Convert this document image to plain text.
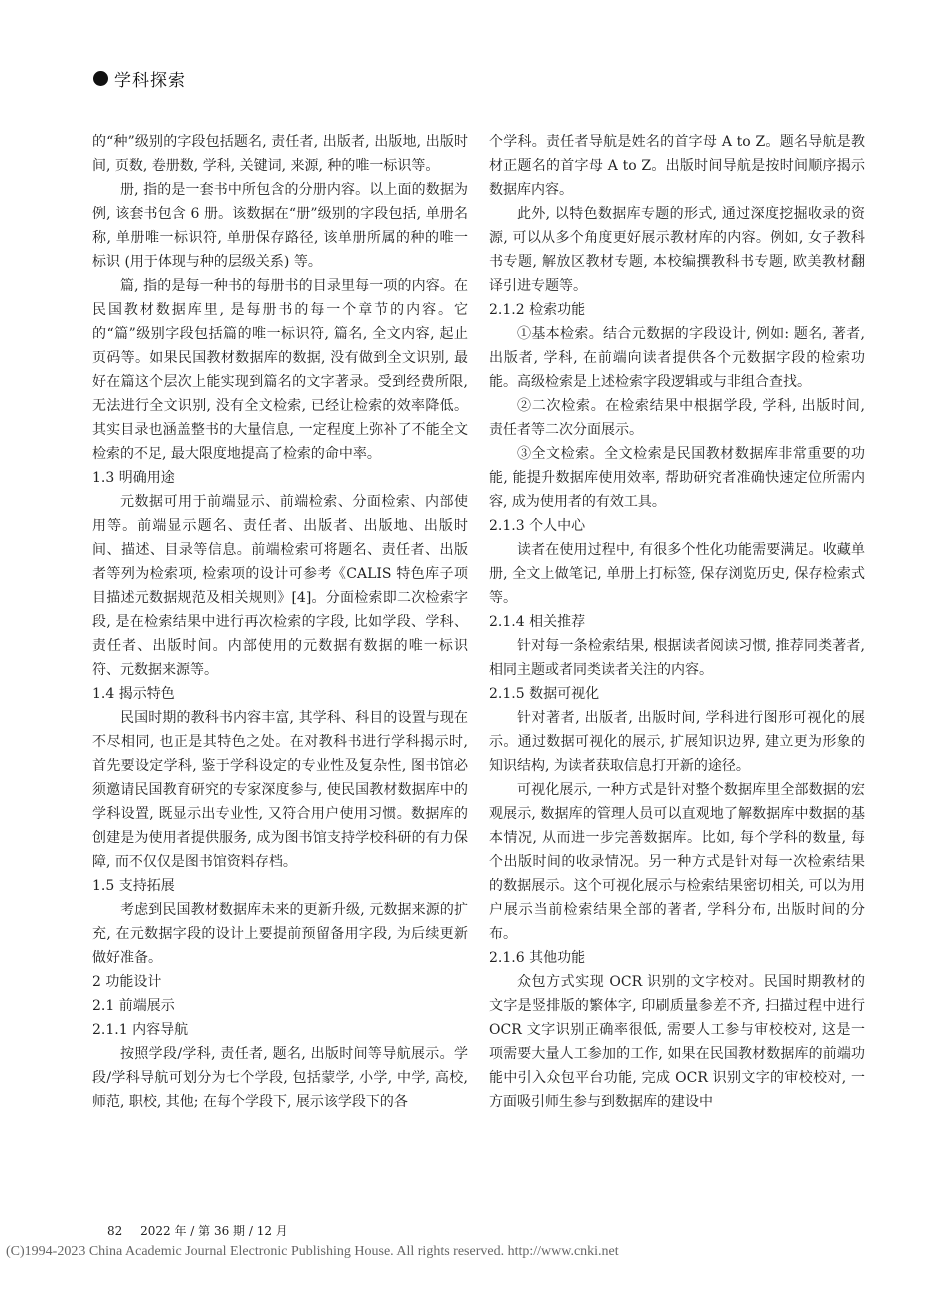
学科探索

的“种”级别的字段包括题名, 责任者, 出版者, 出版地, 出版时间, 页数, 卷册数, 学科, 关键词, 来源, 种的唯一标识等。

册, 指的是一套书中所包含的分册内容。以上面的数据为例, 该套书包含 6 册。该数据在“册”级别的字段包括, 单册名称, 单册唯一标识符, 单册保存路径, 该单册所属的种的唯一标识 (用于体现与种的层级关系) 等。

篇, 指的是每一种书的每册书的目录里每一项的内容。在民国教材数据库里, 是每册书的每一个章节的内容。它的“篇”级别字段包括篇的唯一标识符, 篇名, 全文内容, 起止页码等。如果民国教材数据库的数据, 没有做到全文识别, 最好在篇这个层次上能实现到篇名的文字著录。受到经费所限, 无法进行全文识别, 没有全文检索, 已经让检索的效率降低。其实目录也涵盖整书的大量信息, 一定程度上弥补了不能全文检索的不足, 最大限度地提高了检索的命中率。

1.3 明确用途

元数据可用于前端显示、前端检索、分面检索、内部使用等。前端显示题名、责任者、出版者、出版地、出版时间、描述、目录等信息。前端检索可将题名、责任者、出版者等列为检索项, 检索项的设计可参考《CALIS 特色库子项目描述元数据规范及相关规则》[4]。分面检索即二次检索字段, 是在检索结果中进行再次检索的字段, 比如学段、学科、责任者、出版时间。内部使用的元数据有数据的唯一标识符、元数据来源等。

1.4 揭示特色

民国时期的教科书内容丰富, 其学科、科目的设置与现在不尽相同, 也正是其特色之处。在对教科书进行学科揭示时, 首先要设定学科, 鉴于学科设定的专业性及复杂性, 图书馆必须邀请民国教育研究的专家深度参与, 使民国教材数据库中的学科设置, 既显示出专业性, 又符合用户使用习惯。数据库的创建是为使用者提供服务, 成为图书馆支持学校科研的有力保障, 而不仅仅是图书馆资料存档。

1.5 支持拓展

考虑到民国教材数据库未来的更新升级, 元数据来源的扩充, 在元数据字段的设计上要提前预留备用字段, 为后续更新做好准备。

2 功能设计
2.1 前端展示
2.1.1 内容导航

按照学段/学科, 责任者, 题名, 出版时间等导航展示。学段/学科导航可划分为七个学段, 包括蒙学, 小学, 中学, 高校, 师范, 职校, 其他; 在每个学段下, 展示该学段下的各

个学科。责任者导航是姓名的首字母 A to Z。题名导航是教材正题名的首字母 A to Z。出版时间导航是按时间顺序揭示数据库内容。

此外, 以特色数据库专题的形式, 通过深度挖掘收录的资源, 可以从多个角度更好展示教材库的内容。例如, 女子教科书专题, 解放区教材专题, 本校编撰教科书专题, 欧美教材翻译引进专题等。

2.1.2 检索功能

①基本检索。结合元数据的字段设计, 例如: 题名, 著者, 出版者, 学科, 在前端向读者提供各个元数据字段的检索功能。高级检索是上述检索字段逻辑或与非组合查找。

②二次检索。在检索结果中根据学段, 学科, 出版时间, 责任者等二次分面展示。

③全文检索。全文检索是民国教材数据库非常重要的功能, 能提升数据库使用效率, 帮助研究者准确快速定位所需内容, 成为使用者的有效工具。

2.1.3 个人中心

读者在使用过程中, 有很多个性化功能需要满足。收藏单册, 全文上做笔记, 单册上打标签, 保存浏览历史, 保存检索式等。

2.1.4 相关推荐

针对每一条检索结果, 根据读者阅读习惯, 推荐同类著者, 相同主题或者同类读者关注的内容。

2.1.5 数据可视化

针对著者, 出版者, 出版时间, 学科进行图形可视化的展示。通过数据可视化的展示, 扩展知识边界, 建立更为形象的知识结构, 为读者获取信息打开新的途径。

可视化展示, 一种方式是针对整个数据库里全部数据的宏观展示, 数据库的管理人员可以直观地了解数据库中数据的基本情况, 从而进一步完善数据库。比如, 每个学科的数量, 每个出版时间的收录情况。另一种方式是针对每一次检索结果的数据展示。这个可视化展示与检索结果密切相关, 可以为用户展示当前检索结果全部的著者, 学科分布, 出版时间的分布。

2.1.6 其他功能

众包方式实现 OCR 识别的文字校对。民国时期教材的文字是竖排版的繁体字, 印刷质量参差不齐, 扫描过程中进行 OCR 文字识别正确率很低, 需要人工参与审校校对, 这是一项需要大量人工参加的工作, 如果在民国教材数据库的前端功能中引入众包平台功能, 完成 OCR 识别文字的审校校对, 一方面吸引师生参与到数据库的建设中

82 2022 年 / 第 36 期 / 12 月
(C)1994-2023 China Academic Journal Electronic Publishing House. All rights reserved. http://www.cnki.net
